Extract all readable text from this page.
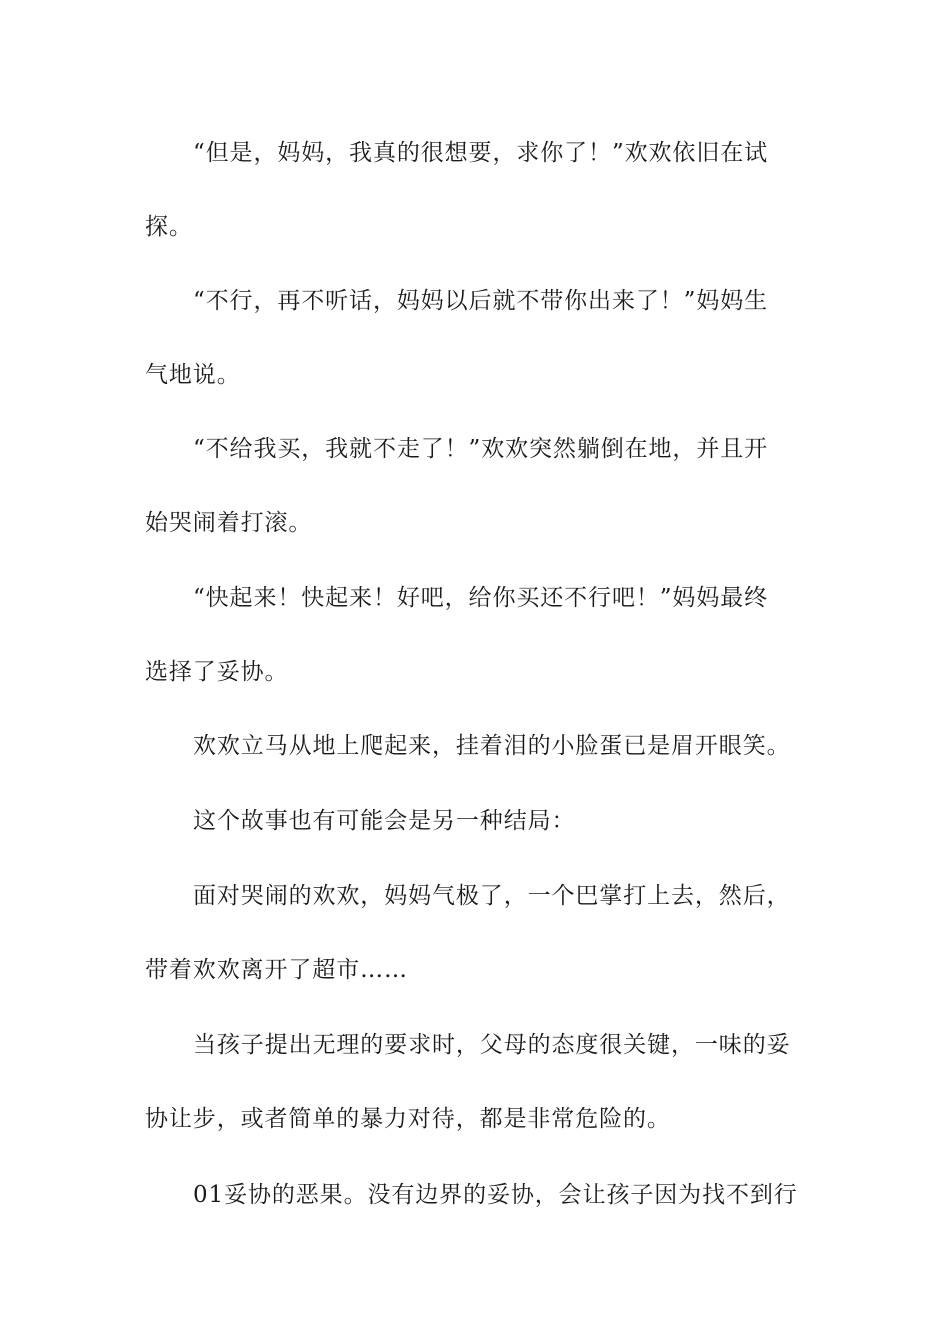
“但是，妈妈，我真的很想要，求你了！”欢欢依旧在试
探。
“不行，再不听话，妈妈以后就不带你出来了！”妈妈生
气地说。
“不给我买，我就不走了！”欢欢突然躺倒在地，并且开
始哭闹着打滚。
“快起来！快起来！好吧，给你买还不行吧！”妈妈最终
选择了妥协。
欢欢立马从地上爬起来，挂着泪的小脸蛋已是眉开眼笑。
这个故事也有可能会是另一种结局：
面对哭闹的欢欢，妈妈气极了，一个巴掌打上去，然后，
带着欢欢离开了超市……
当孩子提出无理的要求时，父母的态度很关键，一味的妥
协让步，或者简单的暴力对待，都是非常危险的。
01妥协的恶果。没有边界的妥协，会让孩子因为找不到行
